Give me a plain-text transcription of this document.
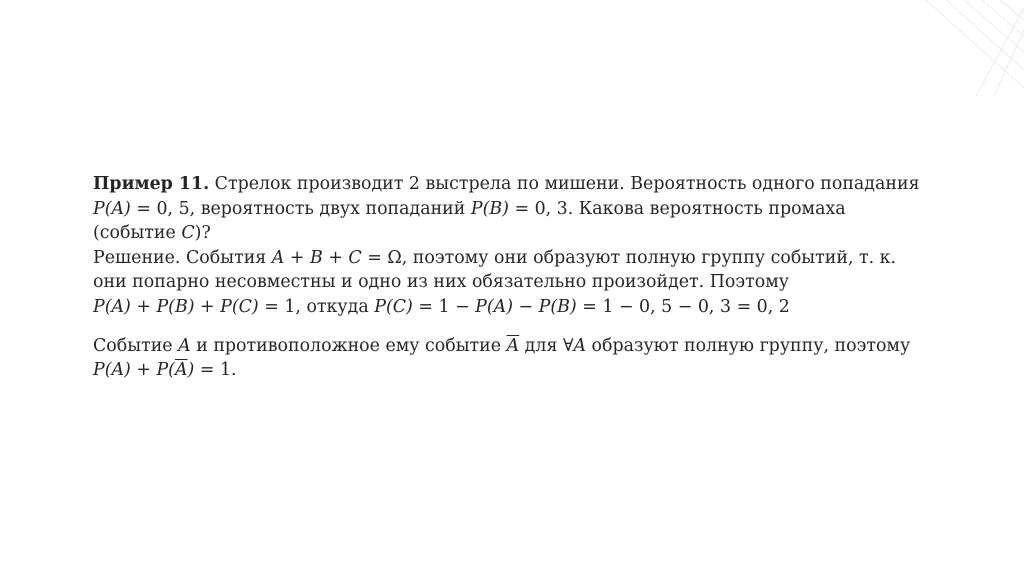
Пример 11. Стрелок производит 2 выстрела по мишени. Вероятность одного попадания
P(A) = 0, 5, вероятность двух попаданий P(B) = 0, 3. Какова вероятность промаха
(событие C)?
Решение. События A + B + C = Ω, поэтому они образуют полную группу событий, т. к.
они попарно несовместны и одно из них обязательно произойдет. Поэтому
P(A) + P(B) + P(C) = 1, откуда P(C) = 1 − P(A) − P(B) = 1 − 0, 5 − 0, 3 = 0, 2
Событие A и противоположное ему событие $\overline{A}$ для ∀A образуют полную группу, поэтому
$P(A) + P(\overline{A}) = 1$.
